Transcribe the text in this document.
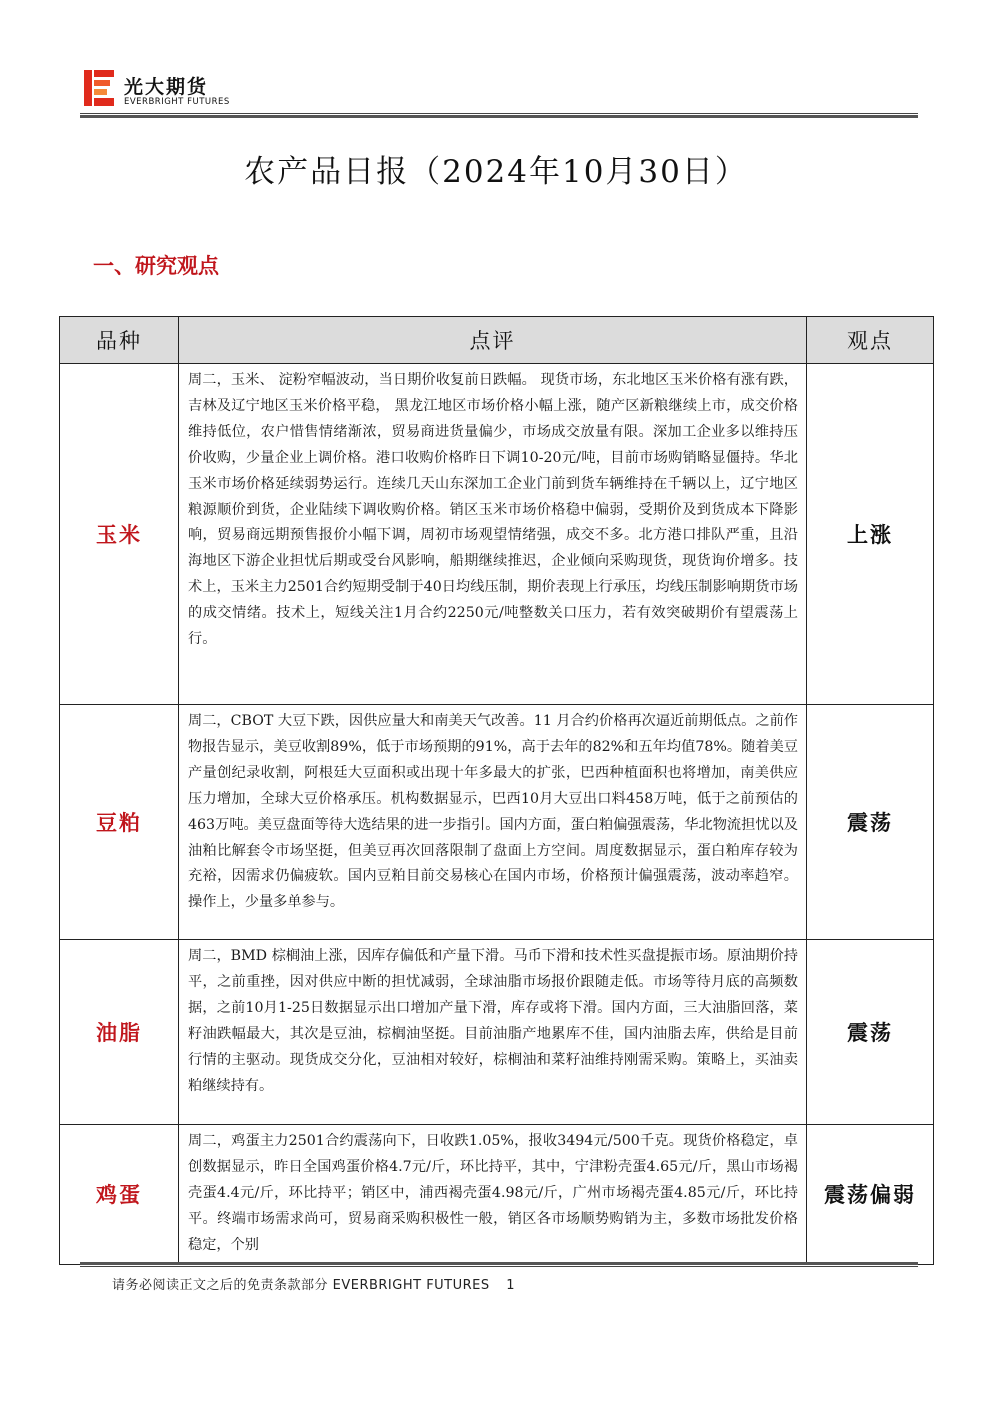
光大期货
EVERBRIGHT FUTURES
农产品日报（2024年10月30日）
一、研究观点
品种	点评	观点
玉米	周二，玉米、 淀粉窄幅波动，当日期价收复前日跌幅。 现货市场，东北地区玉米价格有涨有跌，吉林及辽宁地区玉米价格平稳， 黑龙江地区市场价格小幅上涨，随产区新粮继续上市，成交价格维持低位，农户惜售情绪渐浓，贸易商进货量偏少，市场成交放量有限。深加工企业多以维持压价收购，少量企业上调价格。港口收购价格昨日下调10-20元/吨，目前市场购销略显僵持。华北玉米市场价格延续弱势运行。连续几天山东深加工企业门前到货车辆维持在千辆以上，辽宁地区粮源顺价到货，企业陆续下调收购价格。销区玉米市场价格稳中偏弱，受期价及到货成本下降影响，贸易商远期预售报价小幅下调，周初市场观望情绪强，成交不多。北方港口排队严重，且沿海地区下游企业担忧后期或受台风影响，船期继续推迟，企业倾向采购现货，现货询价增多。技术上，玉米主力2501合约短期受制于40日均线压制，期价表现上行承压，均线压制影响期货市场的成交情绪。技术上，短线关注1月合约2250元/吨整数关口压力，若有效突破期价有望震荡上行。	上涨
豆粕	周二，CBOT 大豆下跌，因供应量大和南美天气改善。11 月合约价格再次逼近前期低点。之前作物报告显示，美豆收割89%，低于市场预期的91%，高于去年的82%和五年均值78%。随着美豆产量创纪录收割，阿根廷大豆面积或出现十年多最大的扩张，巴西种植面积也将增加，南美供应压力增加，全球大豆价格承压。机构数据显示，巴西10月大豆出口料458万吨，低于之前预估的463万吨。美豆盘面等待大选结果的进一步指引。国内方面，蛋白粕偏强震荡，华北物流担忧以及油粕比解套令市场坚挺，但美豆再次回落限制了盘面上方空间。周度数据显示，蛋白粕库存较为充裕，因需求仍偏疲软。国内豆粕目前交易核心在国内市场，价格预计偏强震荡，波动率趋窄。操作上，少量多单参与。	震荡
油脂	周二，BMD 棕榈油上涨，因库存偏低和产量下滑。马币下滑和技术性买盘提振市场。原油期价持平，之前重挫，因对供应中断的担忧减弱，全球油脂市场报价跟随走低。市场等待月底的高频数据，之前10月1-25日数据显示出口增加产量下滑，库存或将下滑。国内方面，三大油脂回落，菜籽油跌幅最大，其次是豆油，棕榈油坚挺。目前油脂产地累库不佳，国内油脂去库，供给是目前行情的主驱动。现货成交分化，豆油相对较好，棕榈油和菜籽油维持刚需采购。策略上，买油卖粕继续持有。	震荡
鸡蛋	周二，鸡蛋主力2501合约震荡向下，日收跌1.05%，报收3494元/500千克。现货价格稳定，卓创数据显示，昨日全国鸡蛋价格4.7元/斤，环比持平，其中，宁津粉壳蛋4.65元/斤，黑山市场褐壳蛋4.4元/斤，环比持平；销区中，浦西褐壳蛋4.98元/斤，广州市场褐壳蛋4.85元/斤，环比持平。终端市场需求尚可，贸易商采购积极性一般，销区各市场顺势购销为主，多数市场批发价格稳定，个别	震荡偏弱
请务必阅读正文之后的免责条款部分 EVERBRIGHT FUTURES 1
